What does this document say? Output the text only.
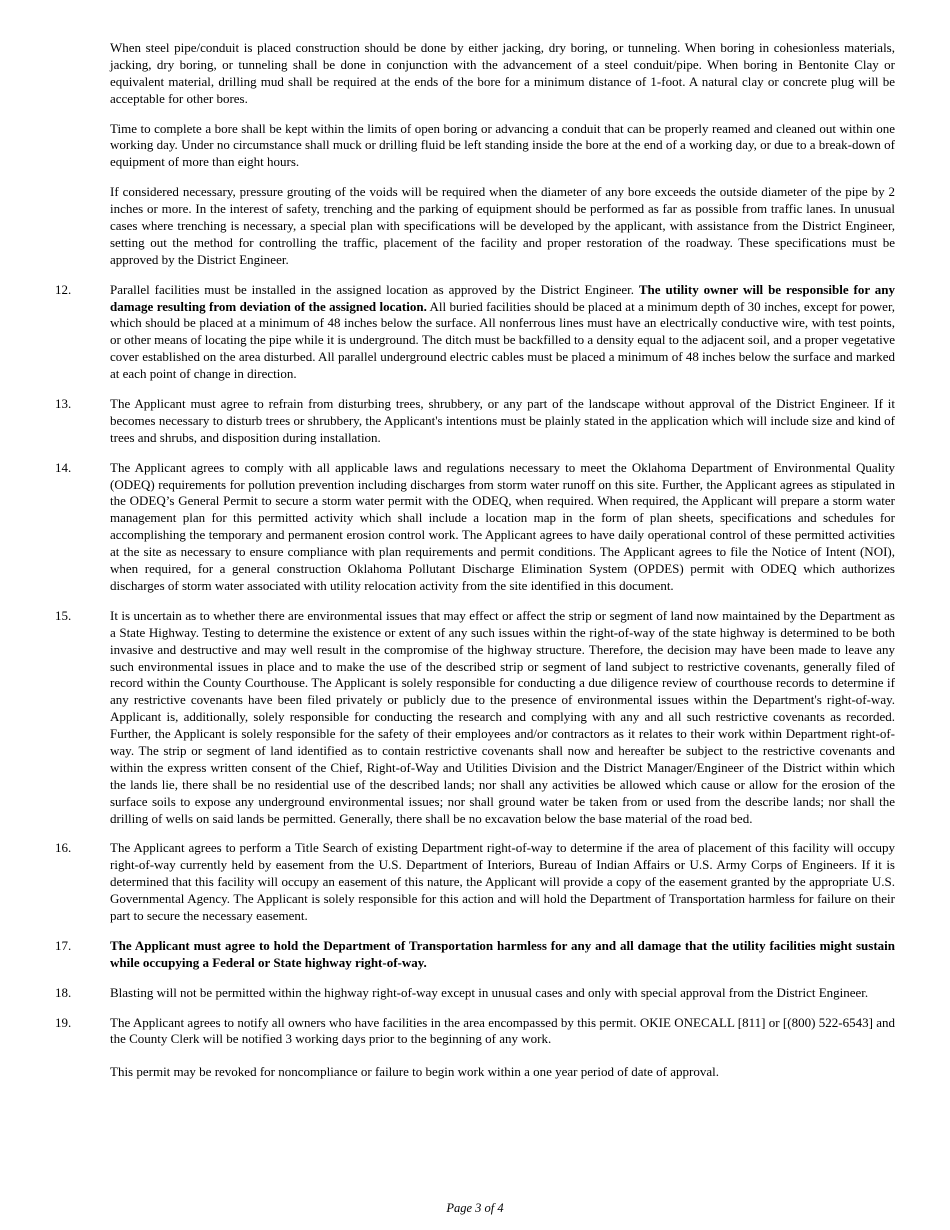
When steel pipe/conduit is placed construction should be done by either jacking, dry boring, or tunneling. When boring in cohesionless materials, jacking, dry boring, or tunneling shall be done in conjunction with the advancement of a steel conduit/pipe. When boring in Bentonite Clay or equivalent material, drilling mud shall be required at the ends of the bore for a minimum distance of 1-foot. A natural clay or concrete plug will be acceptable for other bores.

Time to complete a bore shall be kept within the limits of open boring or advancing a conduit that can be properly reamed and cleaned out within one working day. Under no circumstance shall muck or drilling fluid be left standing inside the bore at the end of a working day, or due to a break-down of equipment of more than eight hours.

If considered necessary, pressure grouting of the voids will be required when the diameter of any bore exceeds the outside diameter of the pipe by 2 inches or more. In the interest of safety, trenching and the parking of equipment should be performed as far as possible from traffic lanes. In unusual cases where trenching is necessary, a special plan with specifications will be developed by the applicant, with assistance from the District Engineer, setting out the method for controlling the traffic, placement of the facility and proper restoration of the roadway. These specifications must be approved by the District Engineer.

12.	Parallel facilities must be installed in the assigned location as approved by the District Engineer. The utility owner will be responsible for any damage resulting from deviation of the assigned location. All buried facilities should be placed at a minimum depth of 30 inches, except for power, which should be placed at a minimum of 48 inches below the surface. All nonferrous lines must have an electrically conductive wire, with test points, or other means of locating the pipe while it is underground. The ditch must be backfilled to a density equal to the adjacent soil, and a proper vegetative cover established on the area disturbed. All parallel underground electric cables must be placed a minimum of 48 inches below the surface and marked at each point of change in direction.
13.	The Applicant must agree to refrain from disturbing trees, shrubbery, or any part of the landscape without approval of the District Engineer. If it becomes necessary to disturb trees or shrubbery, the Applicant's intentions must be plainly stated in the application which will include size and kind of trees and shrubs, and disposition during installation.
14.	The Applicant agrees to comply with all applicable laws and regulations necessary to meet the Oklahoma Department of Environmental Quality (ODEQ) requirements for pollution prevention including discharges from storm water runoff on this site. Further, the Applicant agrees as stipulated in the ODEQ’s General Permit to secure a storm water permit with the ODEQ, when required. When required, the Applicant will prepare a storm water management plan for this permitted activity which shall include a location map in the form of plan sheets, specifications and schedules for accomplishing the temporary and permanent erosion control work. The Applicant agrees to have daily operational control of these permitted activities at the site as necessary to ensure compliance with plan requirements and permit conditions. The Applicant agrees to file the Notice of Intent (NOI), when required, for a general construction Oklahoma Pollutant Discharge Elimination System (OPDES) permit with ODEQ which authorizes discharges of storm water associated with utility relocation activity from the site identified in this document.
15.	It is uncertain as to whether there are environmental issues that may effect or affect the strip or segment of land now maintained by the Department as a State Highway. Testing to determine the existence or extent of any such issues within the right-of-way of the state highway is determined to be both invasive and destructive and may well result in the compromise of the highway structure. Therefore, the decision may have been made to leave any such environmental issues in place and to make the use of the described strip or segment of land subject to restrictive covenants, generally filed of record within the County Courthouse. The Applicant is solely responsible for conducting a due diligence review of courthouse records to determine if any restrictive covenants have been filed privately or publicly due to the presence of environmental issues within the Department's right-of-way. Applicant is, additionally, solely responsible for conducting the research and complying with any and all such restrictive covenants as recorded. Further, the Applicant is solely responsible for the safety of their employees and/or contractors as it relates to their work within Department right-of-way. The strip or segment of land identified as to contain restrictive covenants shall now and hereafter be subject to the restrictive covenants and within the express written consent of the Chief, Right-of-Way and Utilities Division and the District Manager/Engineer of the District within which the lands lie, there shall be no residential use of the described lands; nor shall any activities be allowed which cause or allow for the erosion of the surface soils to expose any underground environmental issues; nor shall ground water be taken from or used from the describe lands; nor shall the drilling of wells on said lands be permitted. Generally, there shall be no excavation below the base material of the road bed.
16.	The Applicant agrees to perform a Title Search of existing Department right-of-way to determine if the area of placement of this facility will occupy right-of-way currently held by easement from the U.S. Department of Interiors, Bureau of Indian Affairs or U.S. Army Corps of Engineers. If it is determined that this facility will occupy an easement of this nature, the Applicant will provide a copy of the easement granted by the appropriate U.S. Governmental Agency. The Applicant is solely responsible for this action and will hold the Department of Transportation harmless for failure on their part to secure the necessary easement.
17.	The Applicant must agree to hold the Department of Transportation harmless for any and all damage that the utility facilities might sustain while occupying a Federal or State highway right-of-way.
18.	Blasting will not be permitted within the highway right-of-way except in unusual cases and only with special approval from the District Engineer.
19.	The Applicant agrees to notify all owners who have facilities in the area encompassed by this permit. OKIE ONECALL [811] or [(800) 522-6543] and the County Clerk will be notified 3 working days prior to the beginning of any work.

This permit may be revoked for noncompliance or failure to begin work within a one year period of date of approval.

Page 3 of 4
